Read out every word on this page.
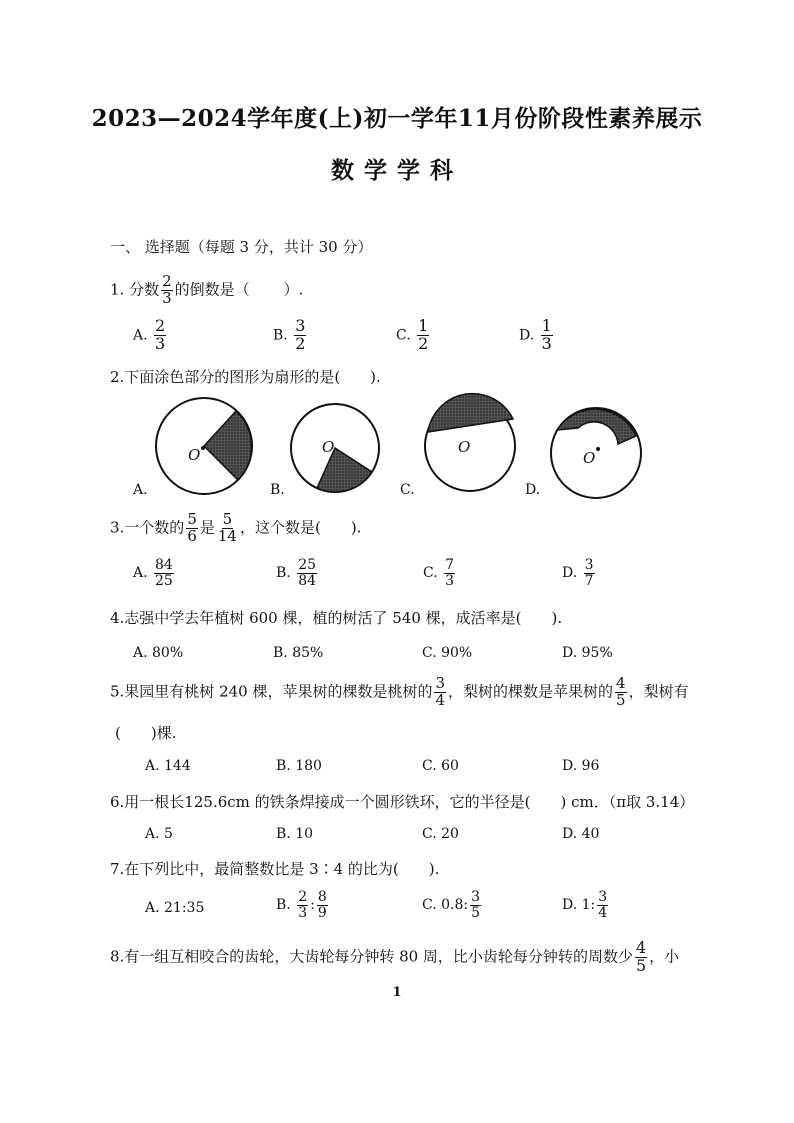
2023—2024学年度(上)初一学年11月份阶段性素养展示
数学学科
一、 选择题（每题 3 分，共计 30 分）
1. 分数 $\frac{2}{3}$ 的倒数是（ ）.
A. $\frac{2}{3}$	B. $\frac{3}{2}$	C. $\frac{1}{2}$	D. $\frac{1}{3}$
2.下面涂色部分的图形为扇形的是(　　).
O	O	O
O
A.	B.	C.	D.
3.一个数的 $\frac{5}{6}$ 是 $\frac{5}{14}$ ，这个数是(　　).
A. $\frac{84}{25}$	B. $\frac{25}{84}$	C. $\frac{7}{3}$	D. $\frac{3}{7}$
4.志强中学去年植树 600 棵，植的树活了 540 棵，成活率是(　　).
A. 80%	B. 85%	C. 90%	D. 95%
5.果园里有桃树 240 棵，苹果树的棵数是桃树的 $\frac{3}{4}$ ，梨树的棵数是苹果树的 $\frac{4}{5}$ ，梨树有
(　　)棵.
A. 144	B. 180	C. 60	D. 96
6.用一根长125.6cm 的铁条焊接成一个圆形铁环，它的半径是(　　) cm．（π取 3.14）
A. 5	B. 10	C. 20	D. 40
7.在下列比中，最简整数比是 3∶4 的比为(　　).
A. 21:35	B. $\frac{2}{3}$ : $\frac{8}{9}$	C. 0.8: $\frac{3}{5}$	D. 1: $\frac{3}{4}$
8.有一组互相咬合的齿轮，大齿轮每分钟转 80 周，比小齿轮每分钟转的周数少 $\frac{4}{5}$ ，小
1
